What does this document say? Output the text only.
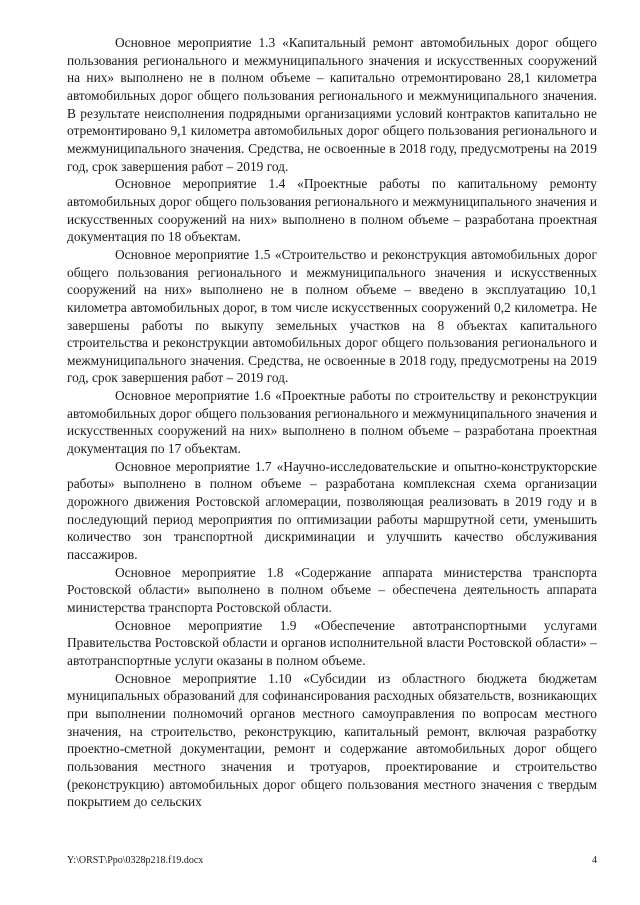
Основное мероприятие 1.3 «Капитальный ремонт автомобильных дорог общего пользования регионального и межмуниципального значения и искусственных сооружений на них» выполнено не в полном объеме – капитально отремонтировано 28,1 километра автомобильных дорог общего пользования регионального и межмуниципального значения. В результате неисполнения подрядными организациями условий контрактов капитально не отремонтировано 9,1 километра автомобильных дорог общего пользования регионального и межмуниципального значения. Средства, не освоенные в 2018 году, предусмотрены на 2019 год, срок завершения работ – 2019 год.

Основное мероприятие 1.4 «Проектные работы по капитальному ремонту автомобильных дорог общего пользования регионального и межмуниципального значения и искусственных сооружений на них» выполнено в полном объеме – разработана проектная документация по 18 объектам.

Основное мероприятие 1.5 «Строительство и реконструкция автомобильных дорог общего пользования регионального и межмуниципального значения и искусственных сооружений на них» выполнено не в полном объеме – введено в эксплуатацию 10,1 километра автомобильных дорог, в том числе искусственных сооружений 0,2 километра. Не завершены работы по выкупу земельных участков на 8 объектах капитального строительства и реконструкции автомобильных дорог общего пользования регионального и межмуниципального значения. Средства, не освоенные в 2018 году, предусмотрены на 2019 год, срок завершения работ – 2019 год.

Основное мероприятие 1.6 «Проектные работы по строительству и реконструкции автомобильных дорог общего пользования регионального и межмуниципального значения и искусственных сооружений на них» выполнено в полном объеме – разработана проектная документация по 17 объектам.

Основное мероприятие 1.7 «Научно-исследовательские и опытно-конструкторские работы» выполнено в полном объеме – разработана комплексная схема организации дорожного движения Ростовской агломерации, позволяющая реализовать в 2019 году и в последующий период мероприятия по оптимизации работы маршрутной сети, уменьшить количество зон транспортной дискриминации и улучшить качество обслуживания пассажиров.

Основное мероприятие 1.8 «Содержание аппарата министерства транспорта Ростовской области» выполнено в полном объеме – обеспечена деятельность аппарата министерства транспорта Ростовской области.

Основное мероприятие 1.9 «Обеспечение автотранспортными услугами Правительства Ростовской области и органов исполнительной власти Ростовской области» – автотранспортные услуги оказаны в полном объеме.

Основное мероприятие 1.10 «Субсидии из областного бюджета бюджетам муниципальных образований для софинансирования расходных обязательств, возникающих при выполнении полномочий органов местного самоуправления по вопросам местного значения, на строительство, реконструкцию, капитальный ремонт, включая разработку проектно-сметной документации, ремонт и содержание автомобильных дорог общего пользования местного значения и тротуаров, проектирование и строительство (реконструкцию) автомобильных дорог общего пользования местного значения с твердым покрытием до сельских

Y:\ORST\Ppo\0328p218.f19.docx	4
